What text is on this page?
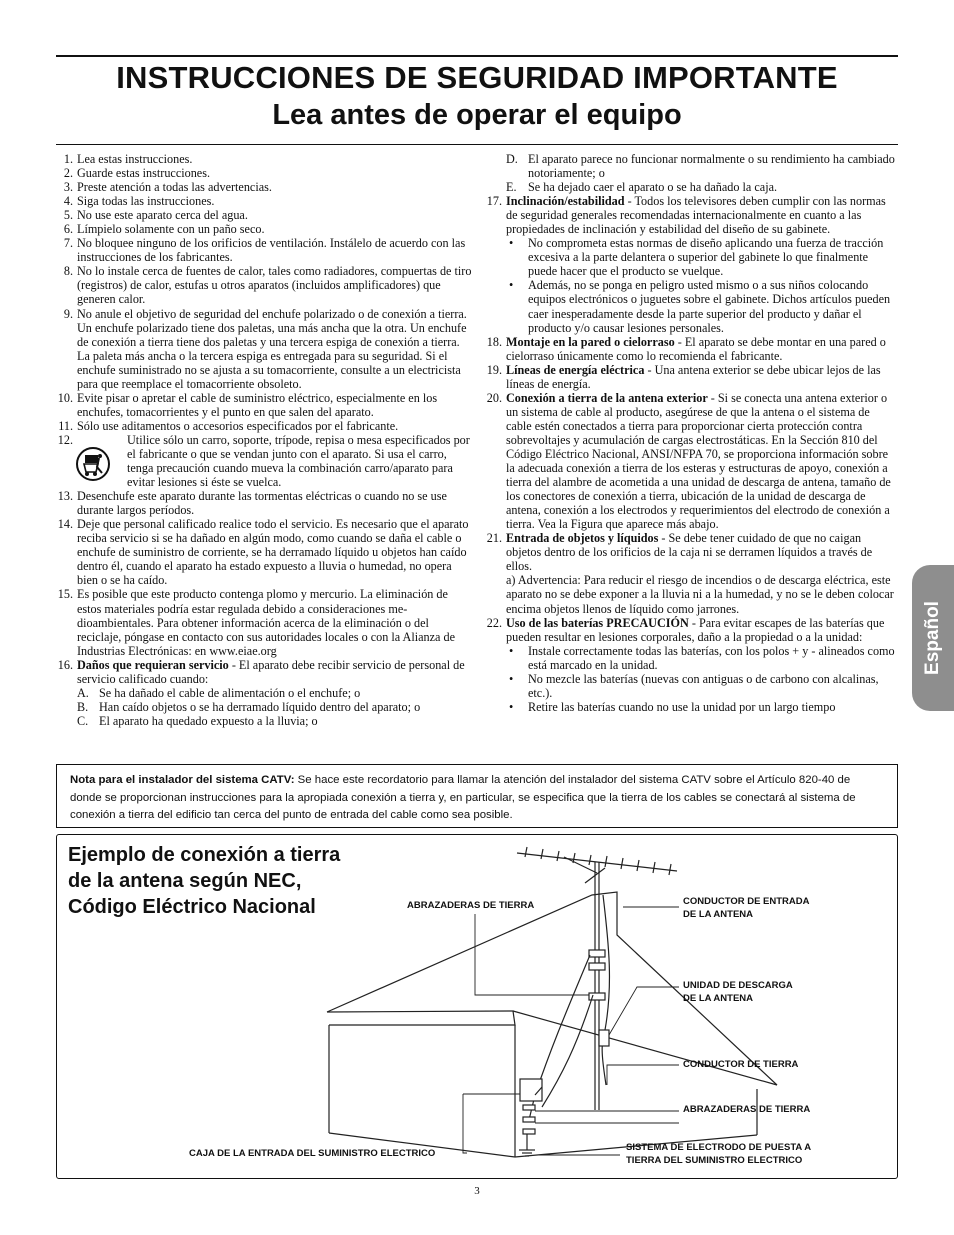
INSTRUCCIONES DE SEGURIDAD IMPORTANTE
Lea antes de operar el equipo
1. Lea estas instrucciones.
2. Guarde estas instrucciones.
3. Preste atención a todas las advertencias.
4. Siga todas las instrucciones.
5. No use este aparato cerca del agua.
6. Límpielo solamente con un paño seco.
7. No bloquee ninguno de los orificios de ventilación. Instálelo de acuerdo con las instrucciones de los fabricantes.
8. No lo instale cerca de fuentes de calor, tales como radiadores, compuertas de tiro (registros) de calor, estufas u otros aparatos (incluidos amplificadores) que generen calor.
9. No anule el objetivo de seguridad del enchufe polarizado o de conexión a tierra. Un enchufe polarizado tiene dos paletas, una más ancha que la otra. Un enchufe de conexión a tierra tiene dos paletas y una tercera espiga de conexión a tierra. La paleta más ancha o la tercera espiga es entregada para su seguridad. Si el enchufe suministrado no se ajusta a su tomacorriente, consulte a un electricista para que reemplace el tomacorriente obsoleto.
10. Evite pisar o apretar el cable de suministro eléctrico, especialmente en los enchufes, tomacorrientes y el punto en que salen del aparato.
11. Sólo use aditamentos o accesorios especificados por el fabricante.
12.	Utilice sólo un carro, soporte, trípode, repisa o mesa especificados por el fabricante o que se vendan junto con el aparato. Si usa el carro, tenga precaución cuando mueva la combinación carro/aparato para evitar lesiones si éste se vuelca.
13. Desenchufe este aparato durante las tormentas eléctricas o cuando no se use durante largos períodos.
14. Deje que personal calificado realice todo el servicio. Es necesario que el aparato reciba servicio si se ha dañado en algún modo, como cuando se daña el cable o enchufe de suministro de corriente, se ha derramado líquido u objetos han caído dentro él, cuando el aparato ha estado expuesto a lluvia o humedad, no opera bien o se ha caído.
15. Es posible que este producto contenga plomo y mercurio. La eliminación de estos materiales podría estar regulada debido a consideraciones medioambientales. Para obtener información acerca de la eliminación o del reciclaje, póngase en contacto con sus autoridades locales o con la Alianza de Industrias Electrónicas: en www.eiae.org
16. Daños que requieran servicio - El aparato debe recibir servicio de personal de servicio calificado cuando:
A. Se ha dañado el cable de alimentación o el enchufe; o
B. Han caído objetos o se ha derramado líquido dentro del aparato; o
C. El aparato ha quedado expuesto a la lluvia; o
D. El aparato parece no funcionar normalmente o su rendimiento ha cambiado notoriamente; o
E. Se ha dejado caer el aparato o se ha dañado la caja.
17. Inclinación/estabilidad - Todos los televisores deben cumplir con las normas de seguridad generales recomendadas internacionalmente en cuanto a las propiedades de inclinación y estabilidad del diseño de su gabinete.
• No comprometa estas normas de diseño aplicando una fuerza de tracción excesiva a la parte delantera o superior del gabinete lo que finalmente puede hacer que el producto se vuelque.
• Además, no se ponga en peligro usted mismo o a sus niños colocando equipos electrónicos o juguetes sobre el gabinete. Dichos artículos pueden caer inesperadamente desde la parte superior del producto y dañar el producto y/o causar lesiones personales.
18. Montaje en la pared o cielorraso - El aparato se debe montar en una pared o cielorraso únicamente como lo recomienda el fabricante.
19. Líneas de energía eléctrica - Una antena exterior se debe ubicar lejos de las líneas de energía.
20. Conexión a tierra de la antena exterior - Si se conecta una antena exterior o un sistema de cable al producto, asegúrese de que la antena o el sistema de cable estén conectados a tierra para proporcionar cierta protección contra sobrevoltajes y acumulación de cargas electrostáticas. En la Sección 810 del Código Eléctrico Nacional, ANSI/NFPA 70, se proporciona información sobre la adecuada conexión a tierra de los esteras y estructuras de apoyo, conexión a tierra del alambre de acometida a una unidad de descarga de antena, tamaño de los conectores de conexión a tierra, ubicación de la unidad de descarga de antena, conexión a los electrodos y requerimientos del electrodo de conexión a tierra. Vea la Figura que aparece más abajo.
21. Entrada de objetos y líquidos - Se debe tener cuidado de que no caigan objetos dentro de los orificios de la caja ni se derramen líquidos a través de ellos.
a) Advertencia: Para reducir el riesgo de incendios o de descarga eléctrica, este aparato no se debe exponer a la lluvia ni a la humedad, y no se le deben colocar encima objetos llenos de líquido como jarrones.
22. Uso de las baterías PRECAUCIÓN - Para evitar escapes de las baterías que pueden resultar en lesiones corporales, daño a la propiedad o a la unidad:
• Instale correctamente todas las baterías, con los polos + y - alineados como está marcado en la unidad.
• No mezcle las baterías (nuevas con antiguas o de carbono con alcalinas, etc.).
• Retire las baterías cuando no use la unidad por un largo tiempo
Español
Nota para el instalador del sistema CATV: Se hace este recordatorio para llamar la atención del instalador del sistema CATV sobre el Artículo 820-40 de donde se proporcionan instrucciones para la apropiada conexión a tierra y, en particular, se especifica que la tierra de los cables se conectará al sistema de conexión a tierra del edificio tan cerca del punto de entrada del cable como sea posible.
Ejemplo de conexión a tierra
de la antena según NEC,
Código Eléctrico Nacional	ABRAZADERAS DE TIERRA	CONDUCTOR DE ENTRADA
DE LA ANTENA
UNIDAD DE DESCARGA
DE LA ANTENA
CONDUCTOR DE TIERRA
ABRAZADERAS DE TIERRA
CAJA DE LA ENTRADA DEL SUMINISTRO ELECTRICO
SISTEMA DE ELECTRODO DE PUESTA A
TIERRA DEL SUMINISTRO ELECTRICO
3
